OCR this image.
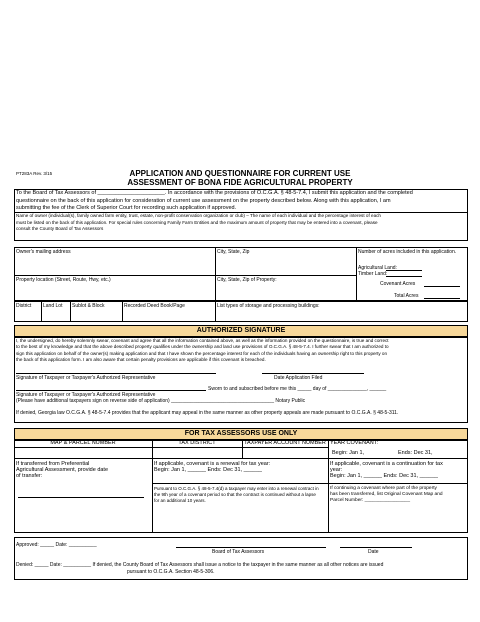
PT283A Rev. 3/15	APPLICATION AND QUESTIONNAIRE FOR CURRENT USE
ASSESSMENT OF BONA FIDE AGRICULTURAL PROPERTY
To the Board of Tax Assessors of ______________________. In accordance with the provisions of O.C.G.A. § 48-5-7.4, I submit this application and the completed
questionnaire on the back of this application for consideration of current use assessment on the property described below. Along with this application, I am
submitting the fee of the Clerk of Superior Court for recording such application if approved.
Name of owner (individual(s), family owned farm entity, trust, estate, non-profit conservation organization or club) – The name of each individual and the percentage interest of each
must be listed on the back of this application. For special rules concerning Family Farm Entities and the maximum amount of property that may be entered into a covenant, please
consult the County Board of Tax Assessors
Owner's mailing address	City, State, Zip	Number of acres included in this application.
Agricultural Land:
Timber Land:
Covenant Acres
Total Acres
Property location (Street, Route, Hwy, etc.)	City, State, Zip of Property:
District Land Lot Sublot & Block	Recorded Deed Book/Page	List types of storage and processing buildings:
AUTHORIZED SIGNATURE
I, the undersigned, do hereby solemnly swear, covenant and agree that all the information contained above, as well as the information provided on the questionnaire, is true and correct
to the best of my knowledge and that the above described property qualifies under the ownership and land use provisions of O.C.G.A. § 48-5-7.4. I further swear that I am authorized to
sign this application on behalf of the owner(s) making application and that I have shown the percentage interest for each of the individuals having an ownership right to this property on
the back of this application form. I am also aware that certain penalty provisions are applicable if this covenant is breached.
Signature of Taxpayer or Taxpayer's Authorized Representative	Date Application Filed
Sworn to and subscribed before me this _____ day of ______________, ______
Signature of Taxpayer or Taxpayer's Authorized Representative
(Please have additional taxpayers sign on reverse side of application) _____________________________________ Notary Public
If denied, Georgia law O.C.G.A. § 48-5-7.4 provides that the applicant may appeal in the same manner as other property appeals are made pursuant to O.C.G.A. § 48-5-311.
FOR TAX ASSESSORS USE ONLY
MAP & PARCEL NUMBER	TAX DISTRICT	TAXPAYER ACCOUNT NUMBER YEAR COVENANT:
Begin: Jan 1,	Ends: Dec 31,
If transferred from Preferential
Agricultural Assessment, provide date
of transfer:
If applicable, covenant is a renewal for tax year:
Begin: Jan 1, ______ Ends: Dec 31, ______
If applicable, covenant is a continuation for tax
year:
Begin: Jan 1, ______ Ends: Dec 31, ______
Pursuant to O.C.G.A. § 48-5-7.4(d) a taxpayer may enter into a renewal contract in
the 9th year of a covenant period so that the contract is continued without a lapse
for an additional 10 years.
If continuing a covenant where part of the property
has been transferred, list Original Covenant Map and
Parcel Number: _________________
Approved: _____ Date: __________
Board of Tax Assessors	Date
Denied: _____ Date: __________ If denied, the County Board of Tax Assessors shall issue a notice to the taxpayer in the same manner as all other notices are issued
pursuant to O.C.G.A. Section 48-5-306.
